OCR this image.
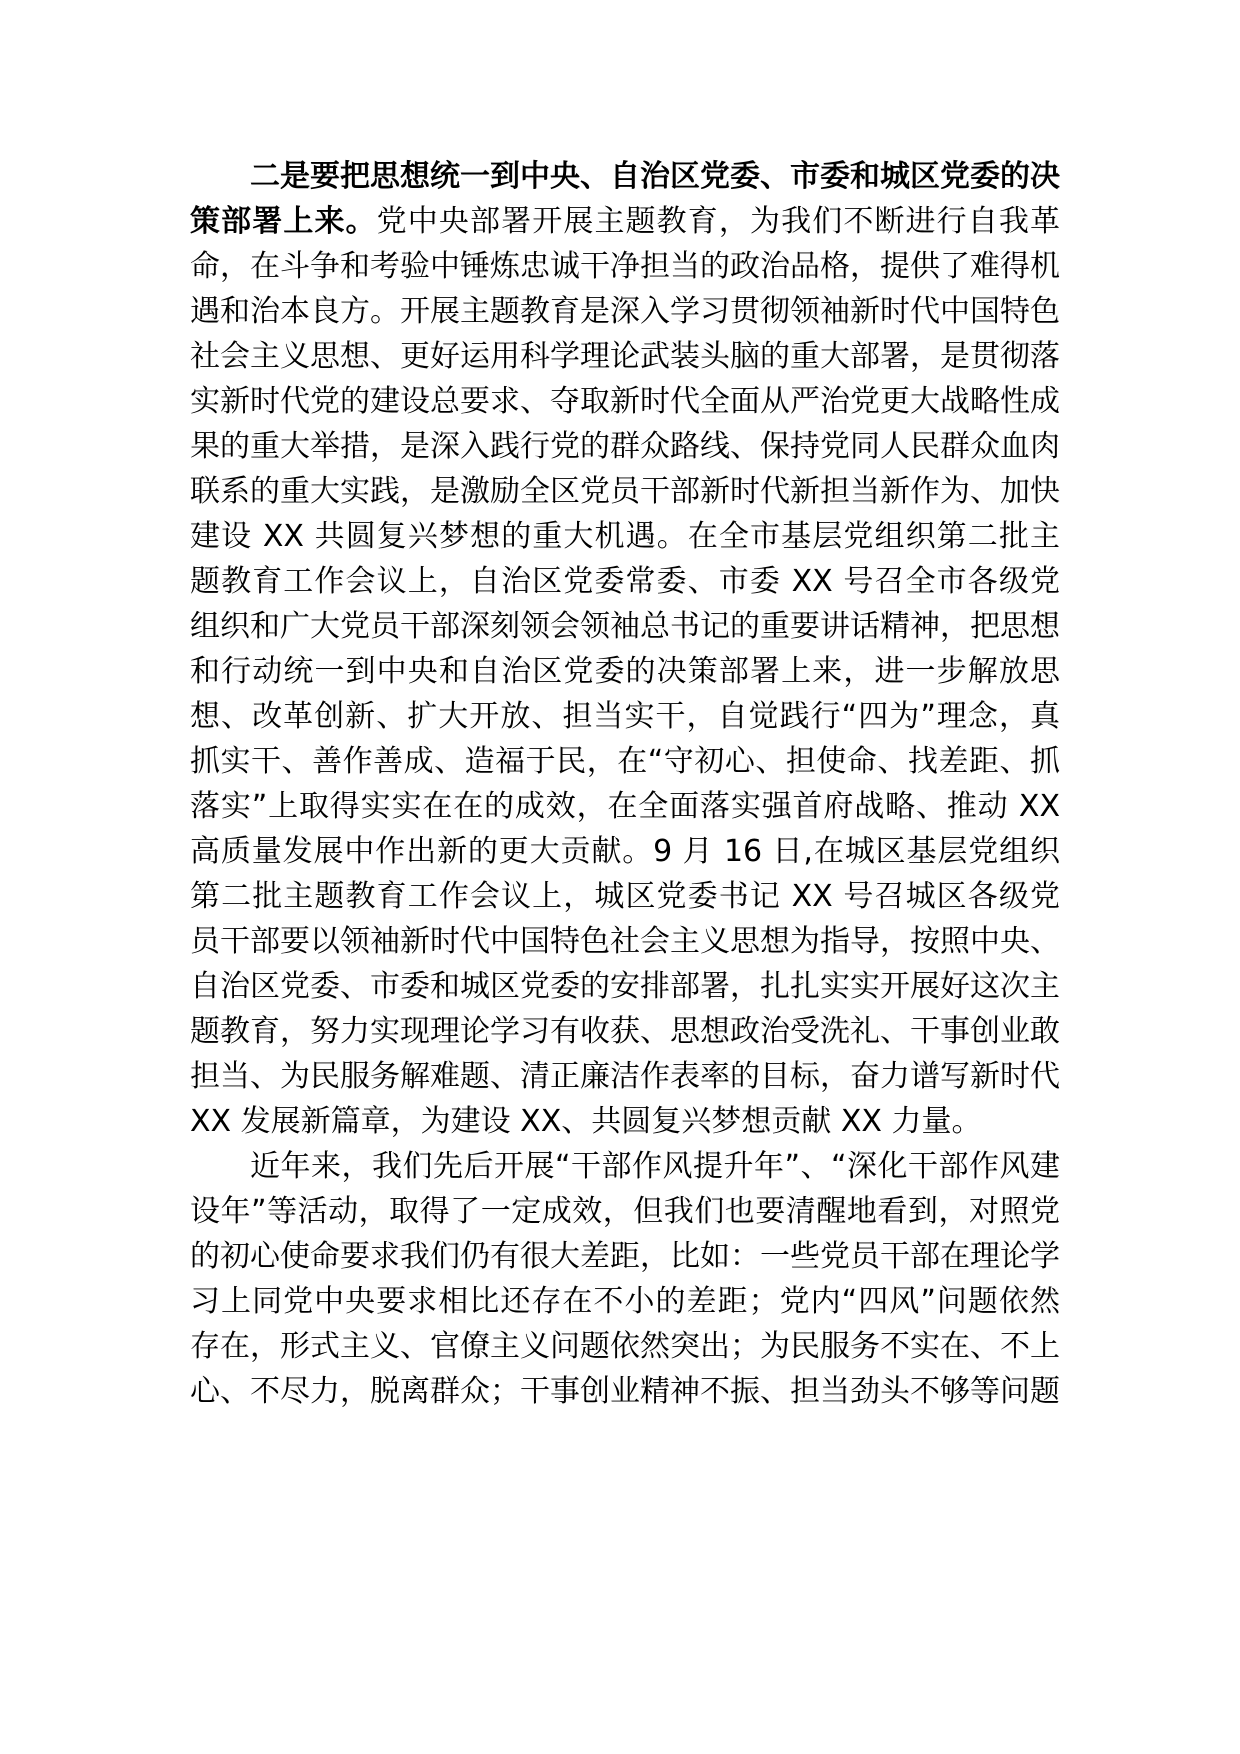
二是要把思想统一到中央、自治区党委、市委和城区党委的决策部署上来。党中央部署开展主题教育，为我们不断进行自我革命，在斗争和考验中锤炼忠诚干净担当的政治品格，提供了难得机遇和治本良方。开展主题教育是深入学习贯彻领袖新时代中国特色社会主义思想、更好运用科学理论武装头脑的重大部署，是贯彻落实新时代党的建设总要求、夺取新时代全面从严治党更大战略性成果的重大举措，是深入践行党的群众路线、保持党同人民群众血肉联系的重大实践，是激励全区党员干部新时代新担当新作为、加快建设 XX 共圆复兴梦想的重大机遇。在全市基层党组织第二批主题教育工作会议上，自治区党委常委、市委 XX 号召全市各级党组织和广大党员干部深刻领会领袖总书记的重要讲话精神，把思想和行动统一到中央和自治区党委的决策部署上来，进一步解放思想、改革创新、扩大开放、担当实干，自觉践行“四为”理念，真抓实干、善作善成、造福于民，在“守初心、担使命、找差距、抓落实”上取得实实在在的成效，在全面落实强首府战略、推动 XX 高质量发展中作出新的更大贡献。9 月 16 日,在城区基层党组织第二批主题教育工作会议上，城区党委书记 XX 号召城区各级党员干部要以领袖新时代中国特色社会主义思想为指导，按照中央、自治区党委、市委和城区党委的安排部署，扎扎实实开展好这次主题教育，努力实现理论学习有收获、思想政治受洗礼、干事创业敢担当、为民服务解难题、清正廉洁作表率的目标，奋力谱写新时代 XX 发展新篇章，为建设 XX、共圆复兴梦想贡献 XX 力量。

近年来，我们先后开展“干部作风提升年”、“深化干部作风建设年”等活动，取得了一定成效，但我们也要清醒地看到，对照党的初心使命要求我们仍有很大差距，比如：一些党员干部在理论学习上同党中央要求相比还存在不小的差距；党内“四风”问题依然存在，形式主义、官僚主义问题依然突出；为民服务不实在、不上心、不尽力，脱离群众；干事创业精神不振、担当劲头不够等问题
